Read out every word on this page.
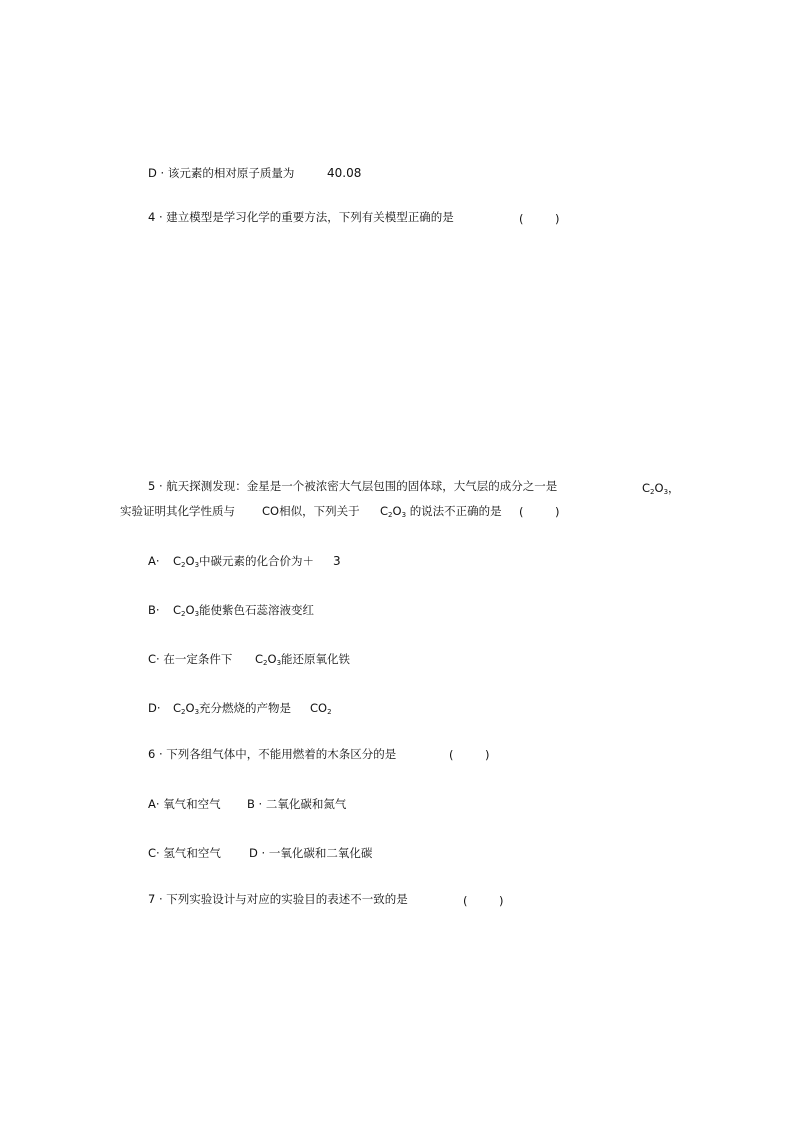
D · 该元素的相对原子质量为	40.08
4 · 建立模型是学习化学的重要方法，下列有关模型正确的是	(	)
5 · 航天探测发现：金星是一个被浓密大气层包围的固体球，大气层的成分之一是	$C_2O_3$，
实验证明其化学性质与 CO相似，下列关于 $C_2O_3$ 的说法不正确的是 (	)
$A\cdot C_2O_3$中碳元素的化合价为＋ 3
$B\cdot C_2O_3$能使紫色石蕊溶液变红
C· 在一定条件下 $C_2O_3$能还原氧化铁
$D\cdot C_2O_3$充分燃烧的产物是 $CO_2$
6 · 下列各组气体中，不能用燃着的木条区分的是	(	)
A· 氧气和空气 B · 二氧化碳和氮气
C· 氢气和空气 D · 一氧化碳和二氧化碳
7 · 下列实验设计与对应的实验目的表述不一致的是	(	)
